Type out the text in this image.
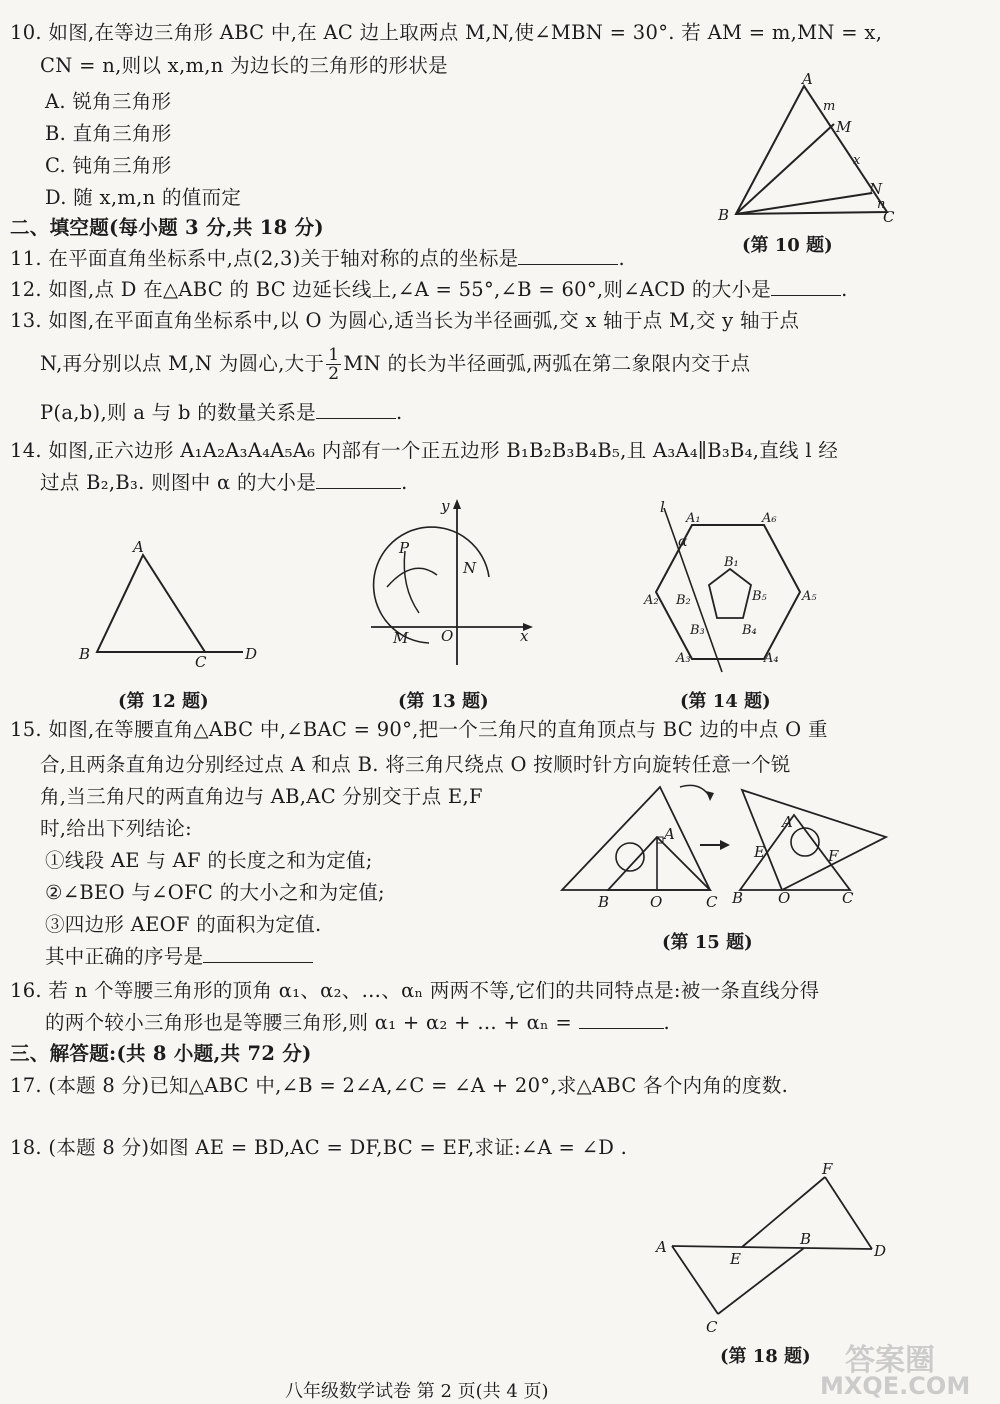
10. 如图,在等边三角形 ABC 中,在 AC 边上取两点 M,N,使∠MBN = 30°. 若 AM = m,MN = x,
CN = n,则以 x,m,n 为边长的三角形的形状是
A. 锐角三角形
B. 直角三角形
C. 钝角三角形
D. 随 x,m,n 的值而定
A
m
M
x
N
n
B	C
(第 10 题)
二、填空题(每小题 3 分,共 18 分)
11. 在平面直角坐标系中,点(2,3)关于轴对称的点的坐标是	.
12. 如图,点 D 在△ABC 的 BC 边延长线上,∠A = 55°,∠B = 60°,则∠ACD 的大小是	.
13. 如图,在平面直角坐标系中,以 O 为圆心,适当长为半径画弧,交 x 轴于点 M,交 y 轴于点
N,再分别以点 M,N 为圆心,大于 $\frac{1}{2}$ MN 的长为半径画弧,两弧在第二象限内交于点
P(a,b),则 a 与 b 的数量关系是	.
14. 如图,正六边形 A₁A₂A₃A₄A₅A₆ 内部有一个正五边形 B₁B₂B₃B₄B₅,且 A₃A₄∥B₃B₄,直线 l 经
过点 B₂,B₃. 则图中 α 的大小是	.
A
B	C	D
(第 12 题)
y
P
N
M O	x
(第 13 题)
l
A₁	A₆
α
B₁
A₂ B₂	B₅	A₅
B₃	B₄
A₃	A₄
(第 14 题)
15. 如图,在等腰直角△ABC 中,∠BAC = 90°,把一个三角尺的直角顶点与 BC 边的中点 O 重
合,且两条直角边分别经过点 A 和点 B. 将三角尺绕点 O 按顺时针方向旋转任意一个锐
角,当三角尺的两直角边与 AB,AC 分别交于点 E,F
时,给出下列结论:
①线段 AE 与 AF 的长度之和为定值;
②∠BEO 与∠OFC 的大小之和为定值;
③四边形 AEOF 的面积为定值.
其中正确的序号是
A
B	O	C
A
E	F
B O	C
(第 15 题)
16. 若 n 个等腰三角形的顶角 α₁、α₂、…、αₙ 两两不等,它们的共同特点是:被一条直线分得
的两个较小三角形也是等腰三角形,则 α₁ + α₂ + … + αₙ =	.
三、解答题:(共 8 小题,共 72 分)
17. (本题 8 分)已知△ABC 中,∠B = 2∠A,∠C = ∠A + 20°,求△ABC 各个内角的度数.
18. (本题 8 分)如图 AE = BD,AC = DF,BC = EF,求证:∠A = ∠D .
F
A
E
B
D
C
(第 18 题)
八年级数学试卷 第 2 页(共 4 页)
答案圈
MXQE.COM
